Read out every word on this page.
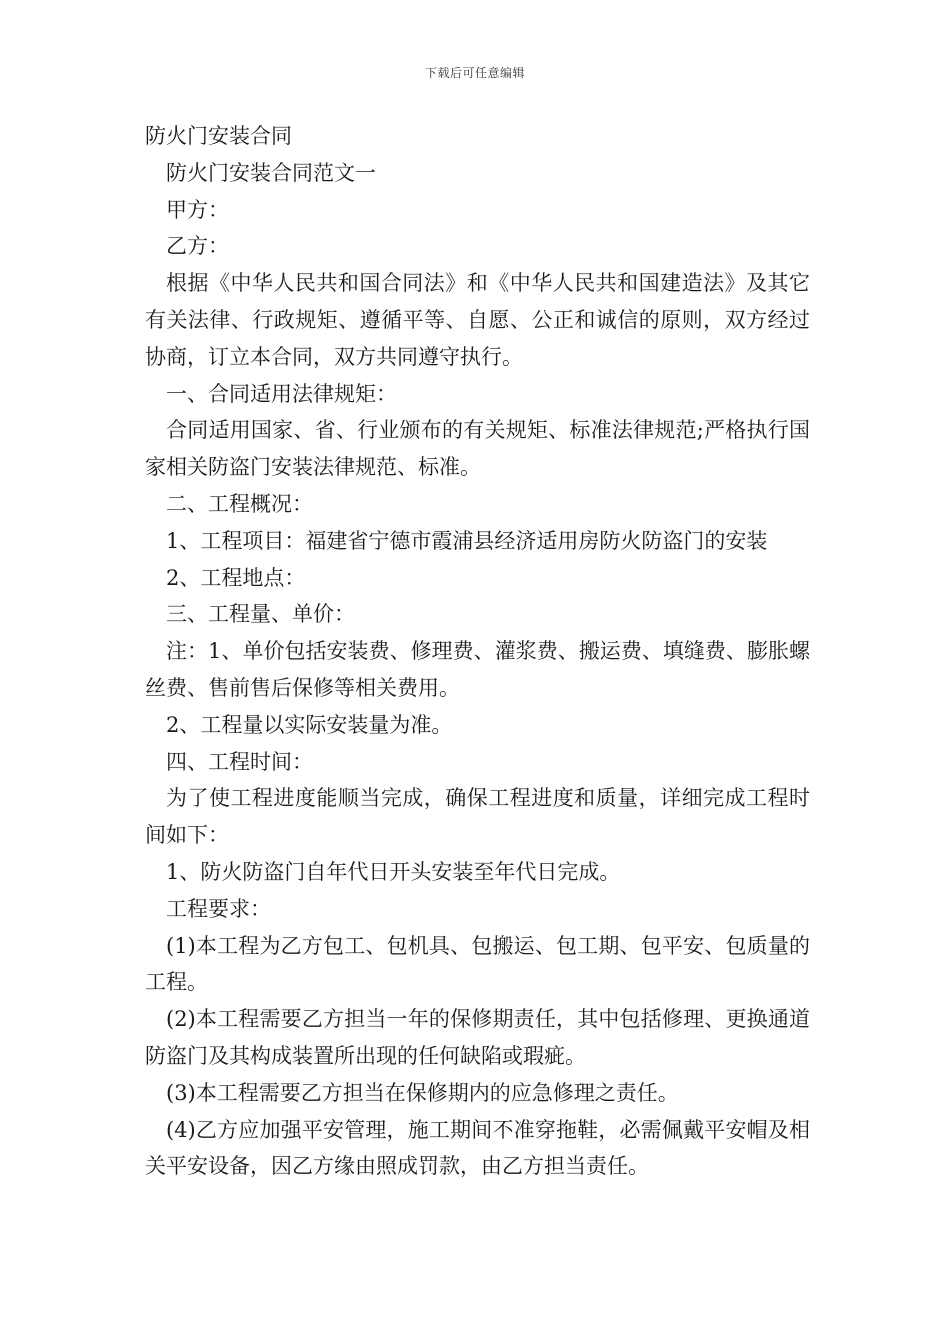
下载后可任意编辑
防火门安装合同
防火门安装合同范文一
甲方：
乙方：
根据《中华人民共和国合同法》和《中华人民共和国建造法》及其它有关法律、行政规矩、遵循平等、自愿、公正和诚信的原则，双方经过协商，订立本合同，双方共同遵守执行。
一、合同适用法律规矩：
合同适用国家、省、行业颁布的有关规矩、标准法律规范;严格执行国家相关防盗门安装法律规范、标准。
二、工程概况：
1、工程项目：福建省宁德市霞浦县经济适用房防火防盗门的安装
2、工程地点：
三、工程量、单价：
注：1、单价包括安装费、修理费、灌浆费、搬运费、填缝费、膨胀螺丝费、售前售后保修等相关费用。
2、工程量以实际安装量为准。
四、工程时间：
为了使工程进度能顺当完成，确保工程进度和质量，详细完成工程时间如下：
1、防火防盗门自年代日开头安装至年代日完成。
工程要求：
(1)本工程为乙方包工、包机具、包搬运、包工期、包平安、包质量的工程。
(2)本工程需要乙方担当一年的保修期责任，其中包括修理、更换通道防盗门及其构成装置所出现的任何缺陷或瑕疵。
(3)本工程需要乙方担当在保修期内的应急修理之责任。
(4)乙方应加强平安管理，施工期间不准穿拖鞋，必需佩戴平安帽及相关平安设备，因乙方缘由照成罚款，由乙方担当责任。
